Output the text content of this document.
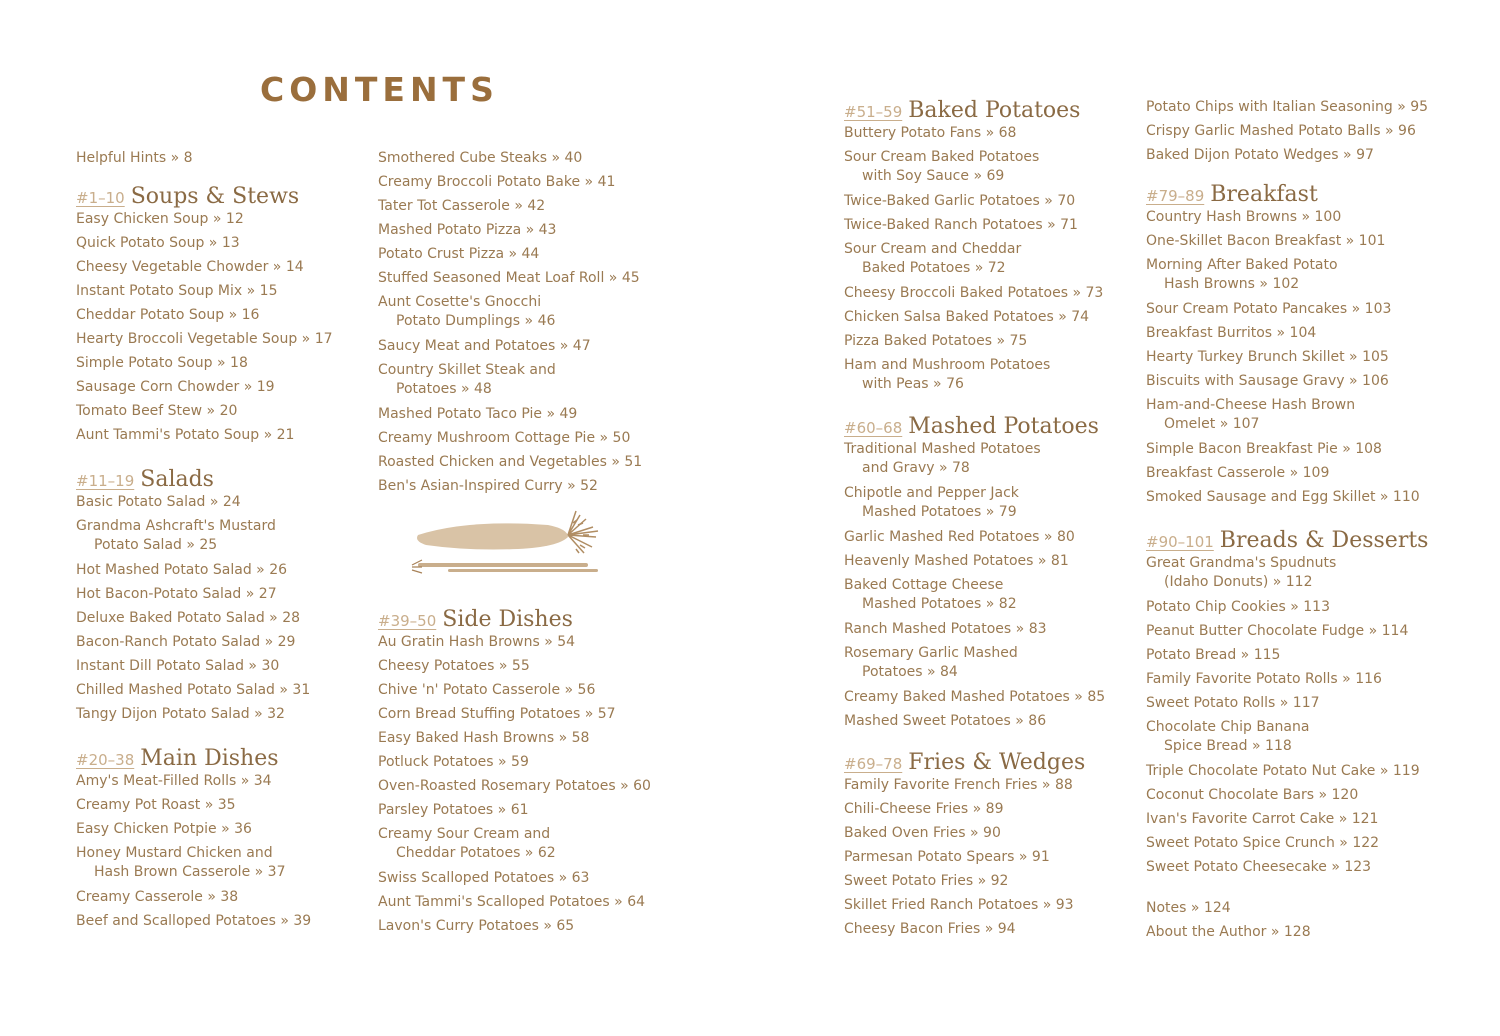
CONTENTS

Helpful Hints » 8

#1–10 Soups & Stews

Easy Chicken Soup » 12

Quick Potato Soup » 13

Cheesy Vegetable Chowder » 14

Instant Potato Soup Mix » 15

Cheddar Potato Soup » 16

Hearty Broccoli Vegetable Soup » 17

Simple Potato Soup » 18

Sausage Corn Chowder » 19

Tomato Beef Stew » 20

Aunt Tammi's Potato Soup » 21

#11–19 Salads

Basic Potato Salad » 24

Grandma Ashcraft's Mustard
Potato Salad » 25

Hot Mashed Potato Salad » 26

Hot Bacon-Potato Salad » 27

Deluxe Baked Potato Salad » 28

Bacon-Ranch Potato Salad » 29

Instant Dill Potato Salad » 30

Chilled Mashed Potato Salad » 31

Tangy Dijon Potato Salad » 32

#20–38 Main Dishes

Amy's Meat-Filled Rolls » 34

Creamy Pot Roast » 35

Easy Chicken Potpie » 36

Honey Mustard Chicken and
Hash Brown Casserole » 37

Creamy Casserole » 38

Beef and Scalloped Potatoes » 39

Smothered Cube Steaks » 40

Creamy Broccoli Potato Bake » 41

Tater Tot Casserole » 42

Mashed Potato Pizza » 43

Potato Crust Pizza » 44

Stuffed Seasoned Meat Loaf Roll » 45

Aunt Cosette's Gnocchi
Potato Dumplings » 46

Saucy Meat and Potatoes » 47

Country Skillet Steak and
Potatoes » 48

Mashed Potato Taco Pie » 49

Creamy Mushroom Cottage Pie » 50

Roasted Chicken and Vegetables » 51

Ben's Asian-Inspired Curry » 52

#39–50 Side Dishes

Au Gratin Hash Browns » 54

Cheesy Potatoes » 55

Chive 'n' Potato Casserole » 56

Corn Bread Stuffing Potatoes » 57

Easy Baked Hash Browns » 58

Potluck Potatoes » 59

Oven-Roasted Rosemary Potatoes » 60

Parsley Potatoes » 61

Creamy Sour Cream and
Cheddar Potatoes » 62

Swiss Scalloped Potatoes » 63

Aunt Tammi's Scalloped Potatoes » 64

Lavon's Curry Potatoes » 65

#51–59 Baked Potatoes

Buttery Potato Fans » 68

Sour Cream Baked Potatoes
with Soy Sauce » 69

Twice-Baked Garlic Potatoes » 70

Twice-Baked Ranch Potatoes » 71

Sour Cream and Cheddar
Baked Potatoes » 72

Cheesy Broccoli Baked Potatoes » 73

Chicken Salsa Baked Potatoes » 74

Pizza Baked Potatoes » 75

Ham and Mushroom Potatoes
with Peas » 76

#60–68 Mashed Potatoes

Traditional Mashed Potatoes
and Gravy » 78

Chipotle and Pepper Jack
Mashed Potatoes » 79

Garlic Mashed Red Potatoes » 80

Heavenly Mashed Potatoes » 81

Baked Cottage Cheese
Mashed Potatoes » 82

Ranch Mashed Potatoes » 83

Rosemary Garlic Mashed
Potatoes » 84

Creamy Baked Mashed Potatoes » 85

Mashed Sweet Potatoes » 86

#69–78 Fries & Wedges

Family Favorite French Fries » 88

Chili-Cheese Fries » 89

Baked Oven Fries » 90

Parmesan Potato Spears » 91

Sweet Potato Fries » 92

Skillet Fried Ranch Potatoes » 93

Cheesy Bacon Fries » 94

Potato Chips with Italian Seasoning » 95

Crispy Garlic Mashed Potato Balls » 96

Baked Dijon Potato Wedges » 97

#79–89 Breakfast

Country Hash Browns » 100

One-Skillet Bacon Breakfast » 101

Morning After Baked Potato
Hash Browns » 102

Sour Cream Potato Pancakes » 103

Breakfast Burritos » 104

Hearty Turkey Brunch Skillet » 105

Biscuits with Sausage Gravy » 106

Ham-and-Cheese Hash Brown
Omelet » 107

Simple Bacon Breakfast Pie » 108

Breakfast Casserole » 109

Smoked Sausage and Egg Skillet » 110

#90–101 Breads & Desserts

Great Grandma's Spudnuts
(Idaho Donuts) » 112

Potato Chip Cookies » 113

Peanut Butter Chocolate Fudge » 114

Potato Bread » 115

Family Favorite Potato Rolls » 116

Sweet Potato Rolls » 117

Chocolate Chip Banana
Spice Bread » 118

Triple Chocolate Potato Nut Cake » 119

Coconut Chocolate Bars » 120

Ivan's Favorite Carrot Cake » 121

Sweet Potato Spice Crunch » 122

Sweet Potato Cheesecake » 123

Notes » 124

About the Author » 128
